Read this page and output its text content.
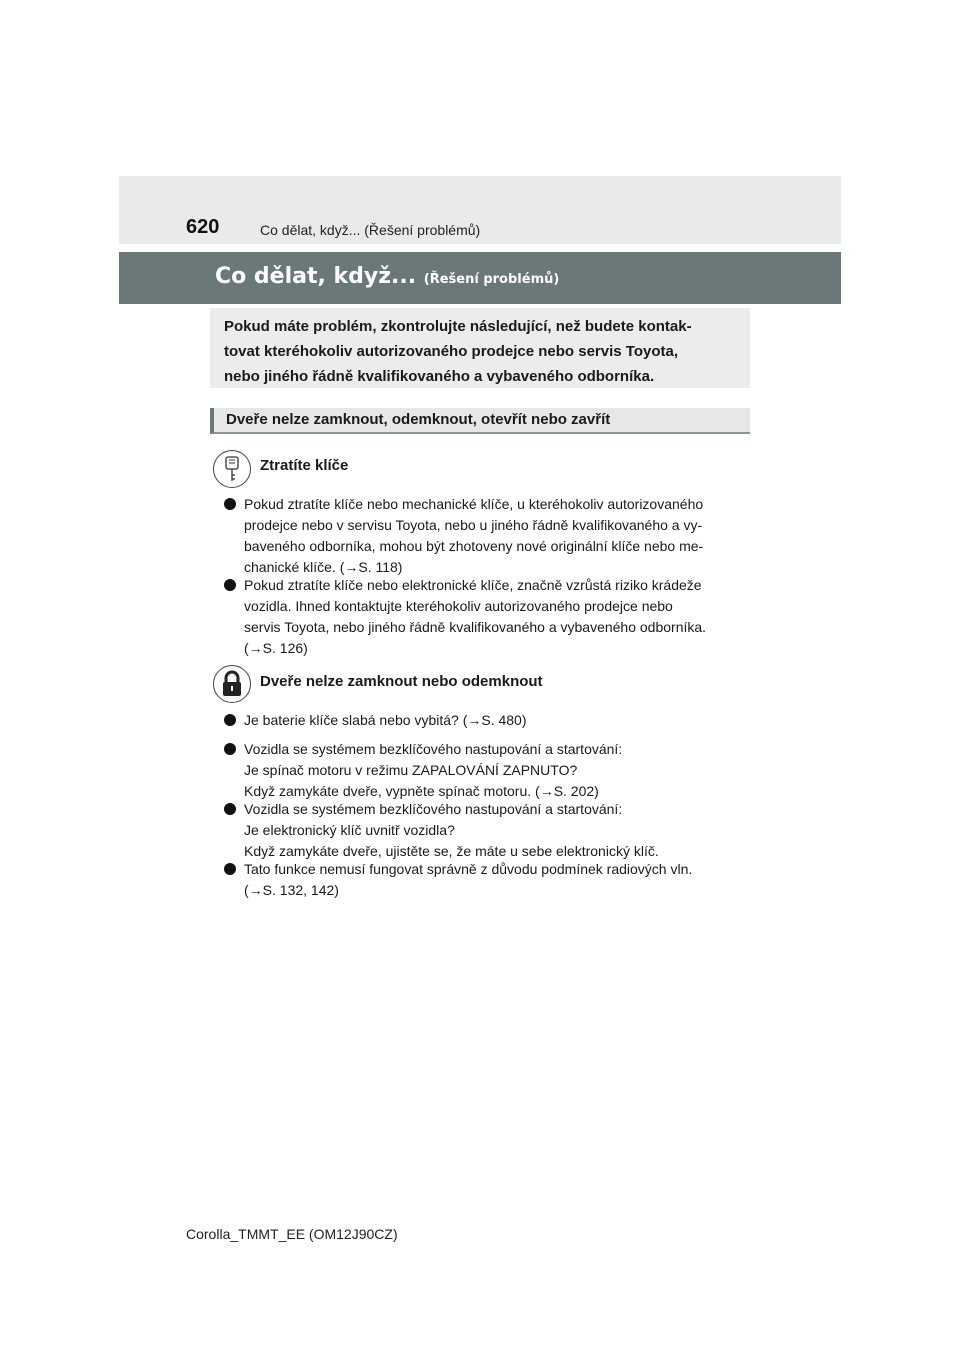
620	Co dělat, když... (Řešení problémů)
Co dělat, když... (Řešení problémů)
Pokud máte problém, zkontrolujte následující, než budete kontak-
tovat kteréhokoliv autorizovaného prodejce nebo servis Toyota,
nebo jiného řádně kvalifikovaného a vybaveného odborníka.
Dveře nelze zamknout, odemknout, otevřít nebo zavřít
Ztratíte klíče
Pokud ztratíte klíče nebo mechanické klíče, u kteréhokoliv autorizovaného
prodejce nebo v servisu Toyota, nebo u jiného řádně kvalifikovaného a vy-
baveného odborníka, mohou být zhotoveny nové originální klíče nebo me-
chanické klíče. (→S. 118)
Pokud ztratíte klíče nebo elektronické klíče, značně vzrůstá riziko krádeže
vozidla. Ihned kontaktujte kteréhokoliv autorizovaného prodejce nebo
servis Toyota, nebo jiného řádně kvalifikovaného a vybaveného odborníka.
(→S. 126)
Dveře nelze zamknout nebo odemknout
Je baterie klíče slabá nebo vybitá? (→S. 480)
Vozidla se systémem bezklíčového nastupování a startování:
Je spínač motoru v režimu ZAPALOVÁNÍ ZAPNUTO?
Když zamykáte dveře, vypněte spínač motoru. (→S. 202)
Vozidla se systémem bezklíčového nastupování a startování:
Je elektronický klíč uvnitř vozidla?
Když zamykáte dveře, ujistěte se, že máte u sebe elektronický klíč.
Tato funkce nemusí fungovat správně z důvodu podmínek radiových vln.
(→S. 132, 142)
Corolla_TMMT_EE (OM12J90CZ)
